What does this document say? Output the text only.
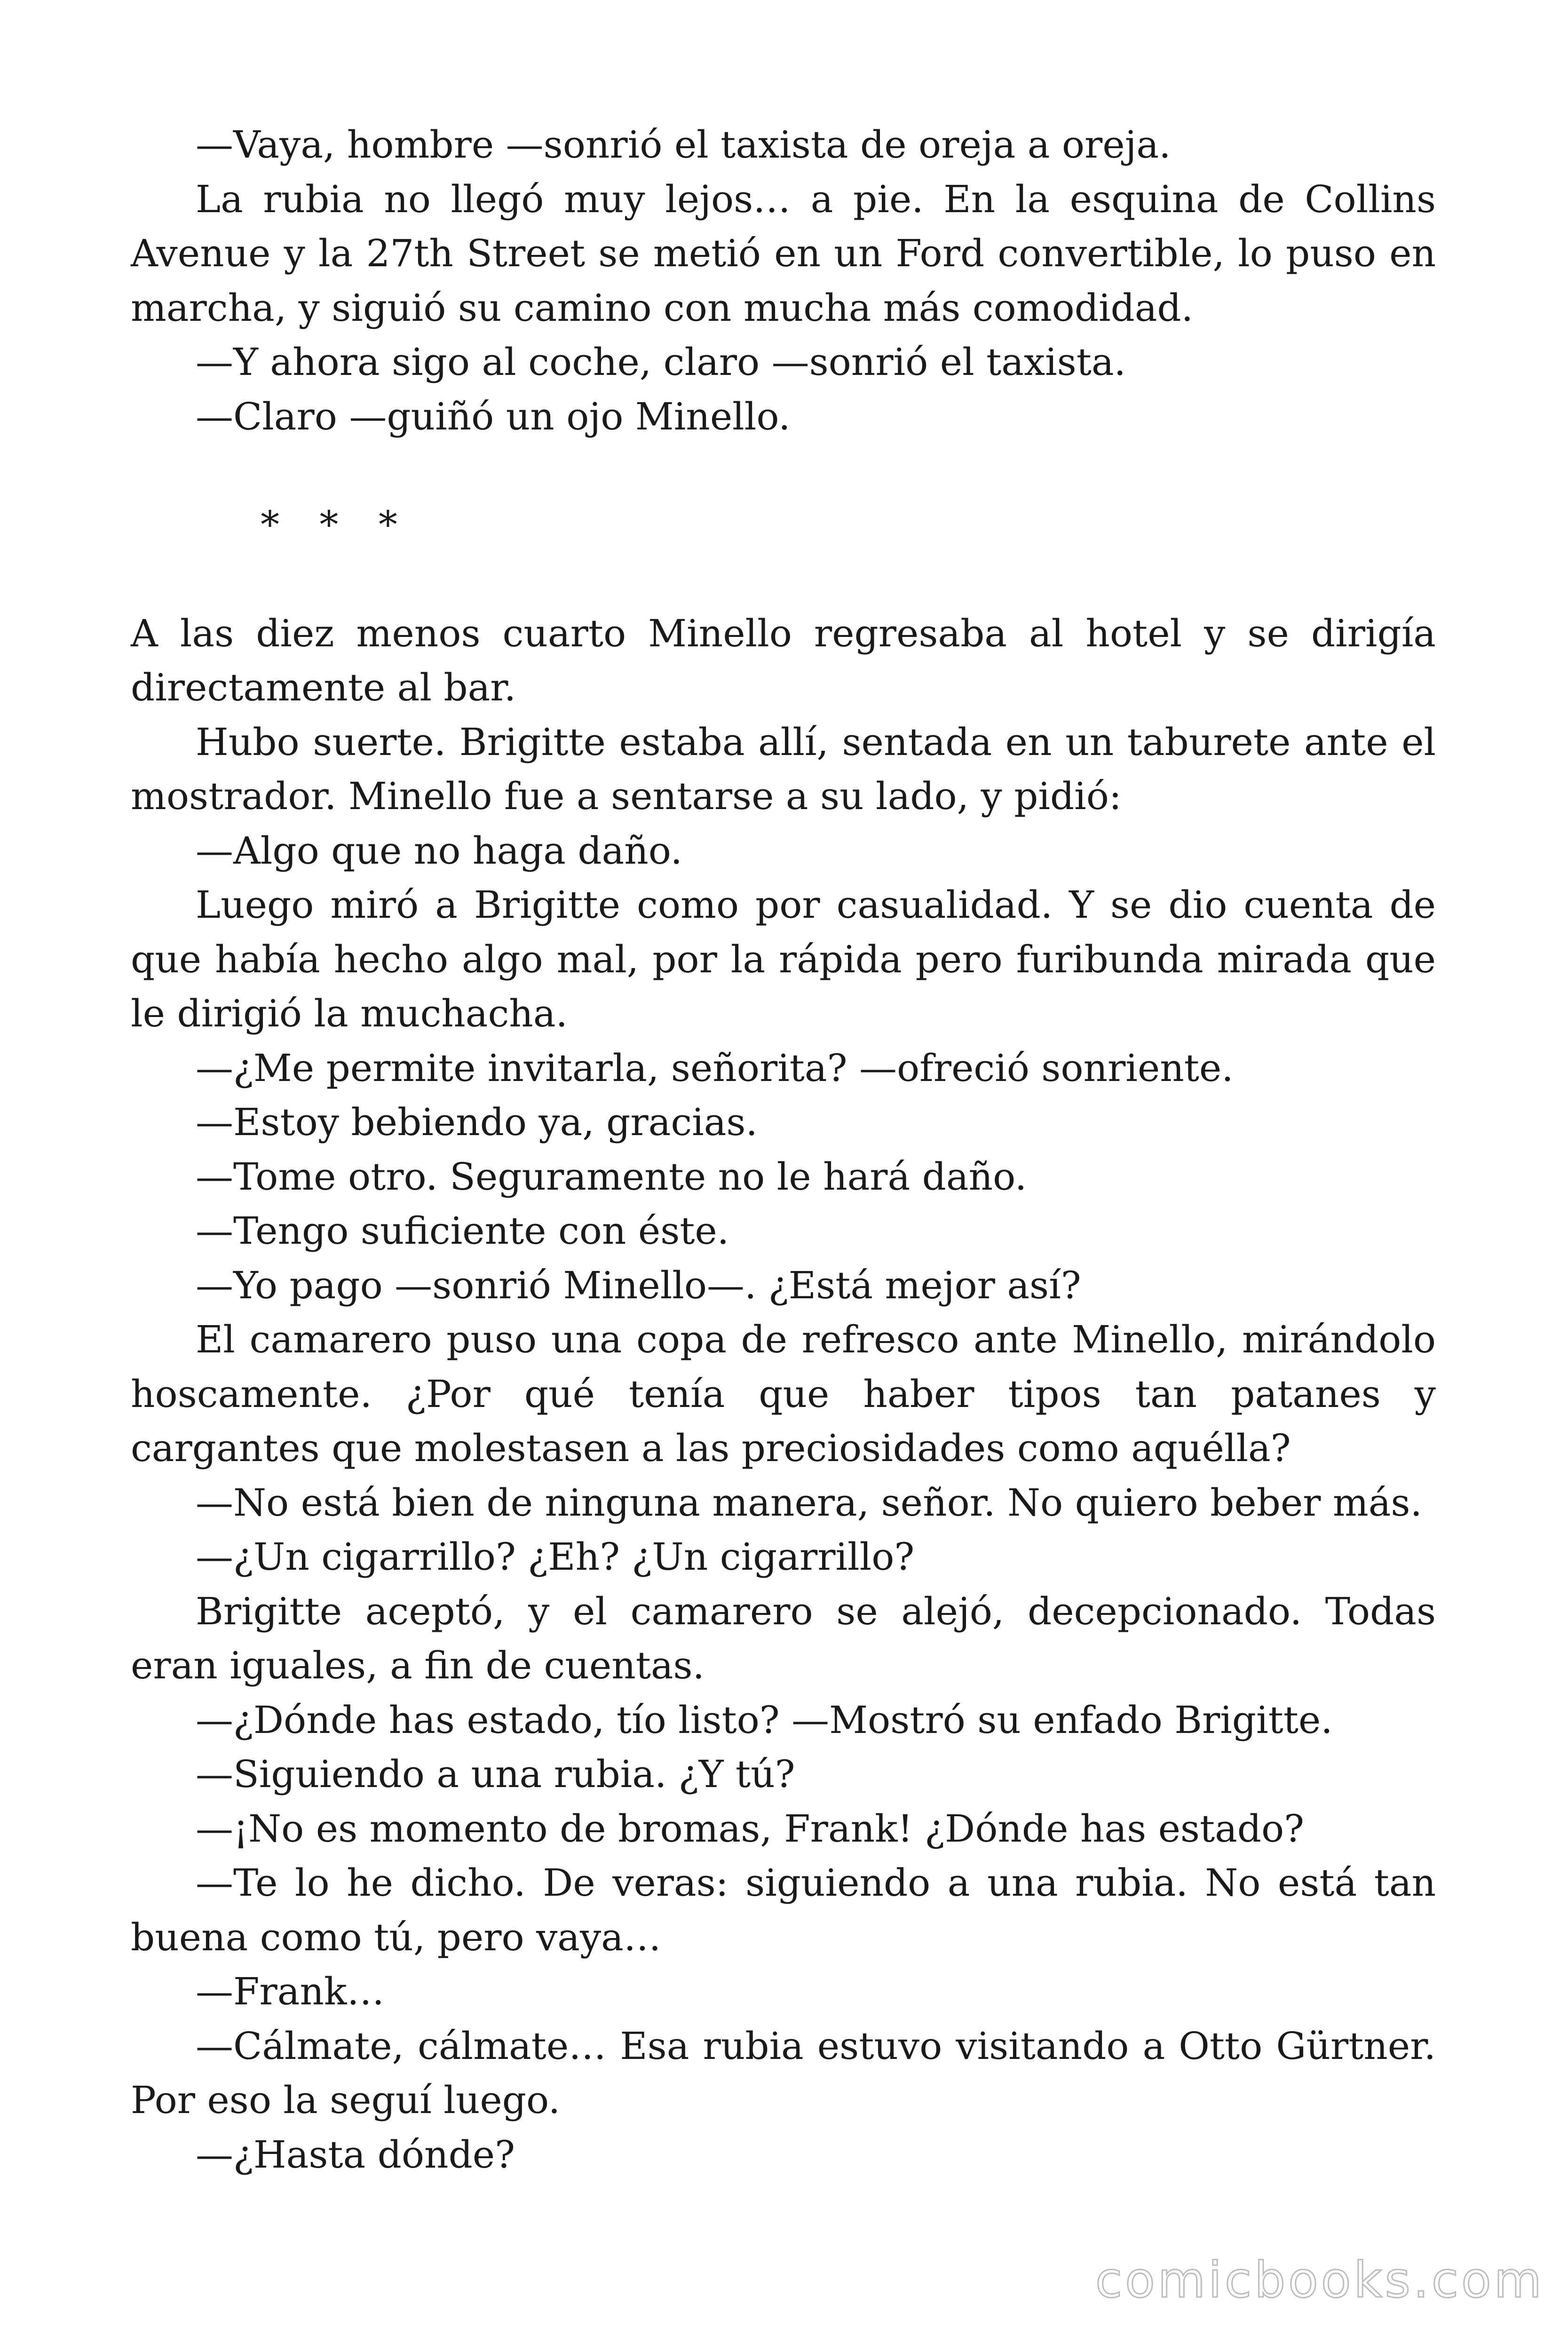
—Vaya, hombre —sonrió el taxista de oreja a oreja.

La rubia no llegó muy lejos… a pie. En la esquina de Collins Avenue y la 27th Street se metió en un Ford convertible, lo puso en marcha, y siguió su camino con mucha más comodidad.

—Y ahora sigo al coche, claro —sonrió el taxista.

—Claro —guiñó un ojo Minello.

* * *

A las diez menos cuarto Minello regresaba al hotel y se dirigía directamente al bar.

Hubo suerte. Brigitte estaba allí, sentada en un taburete ante el mostrador. Minello fue a sentarse a su lado, y pidió:

—Algo que no haga daño.

Luego miró a Brigitte como por casualidad. Y se dio cuenta de que había hecho algo mal, por la rápida pero furibunda mirada que le dirigió la muchacha.

—¿Me permite invitarla, señorita? —ofreció sonriente.

—Estoy bebiendo ya, gracias.

—Tome otro. Seguramente no le hará daño.

—Tengo suficiente con éste.

—Yo pago —sonrió Minello—. ¿Está mejor así?

El camarero puso una copa de refresco ante Minello, mirándolo hoscamente. ¿Por qué tenía que haber tipos tan patanes y cargantes que molestasen a las preciosidades como aquélla?

—No está bien de ninguna manera, señor. No quiero beber más.

—¿Un cigarrillo? ¿Eh? ¿Un cigarrillo?

Brigitte aceptó, y el camarero se alejó, decepcionado. Todas eran iguales, a fin de cuentas.

—¿Dónde has estado, tío listo? —Mostró su enfado Brigitte.

—Siguiendo a una rubia. ¿Y tú?

—¡No es momento de bromas, Frank! ¿Dónde has estado?

—Te lo he dicho. De veras: siguiendo a una rubia. No está tan buena como tú, pero vaya…

—Frank…

—Cálmate, cálmate… Esa rubia estuvo visitando a Otto Gürtner. Por eso la seguí luego.

—¿Hasta dónde?

comicbooks.com
